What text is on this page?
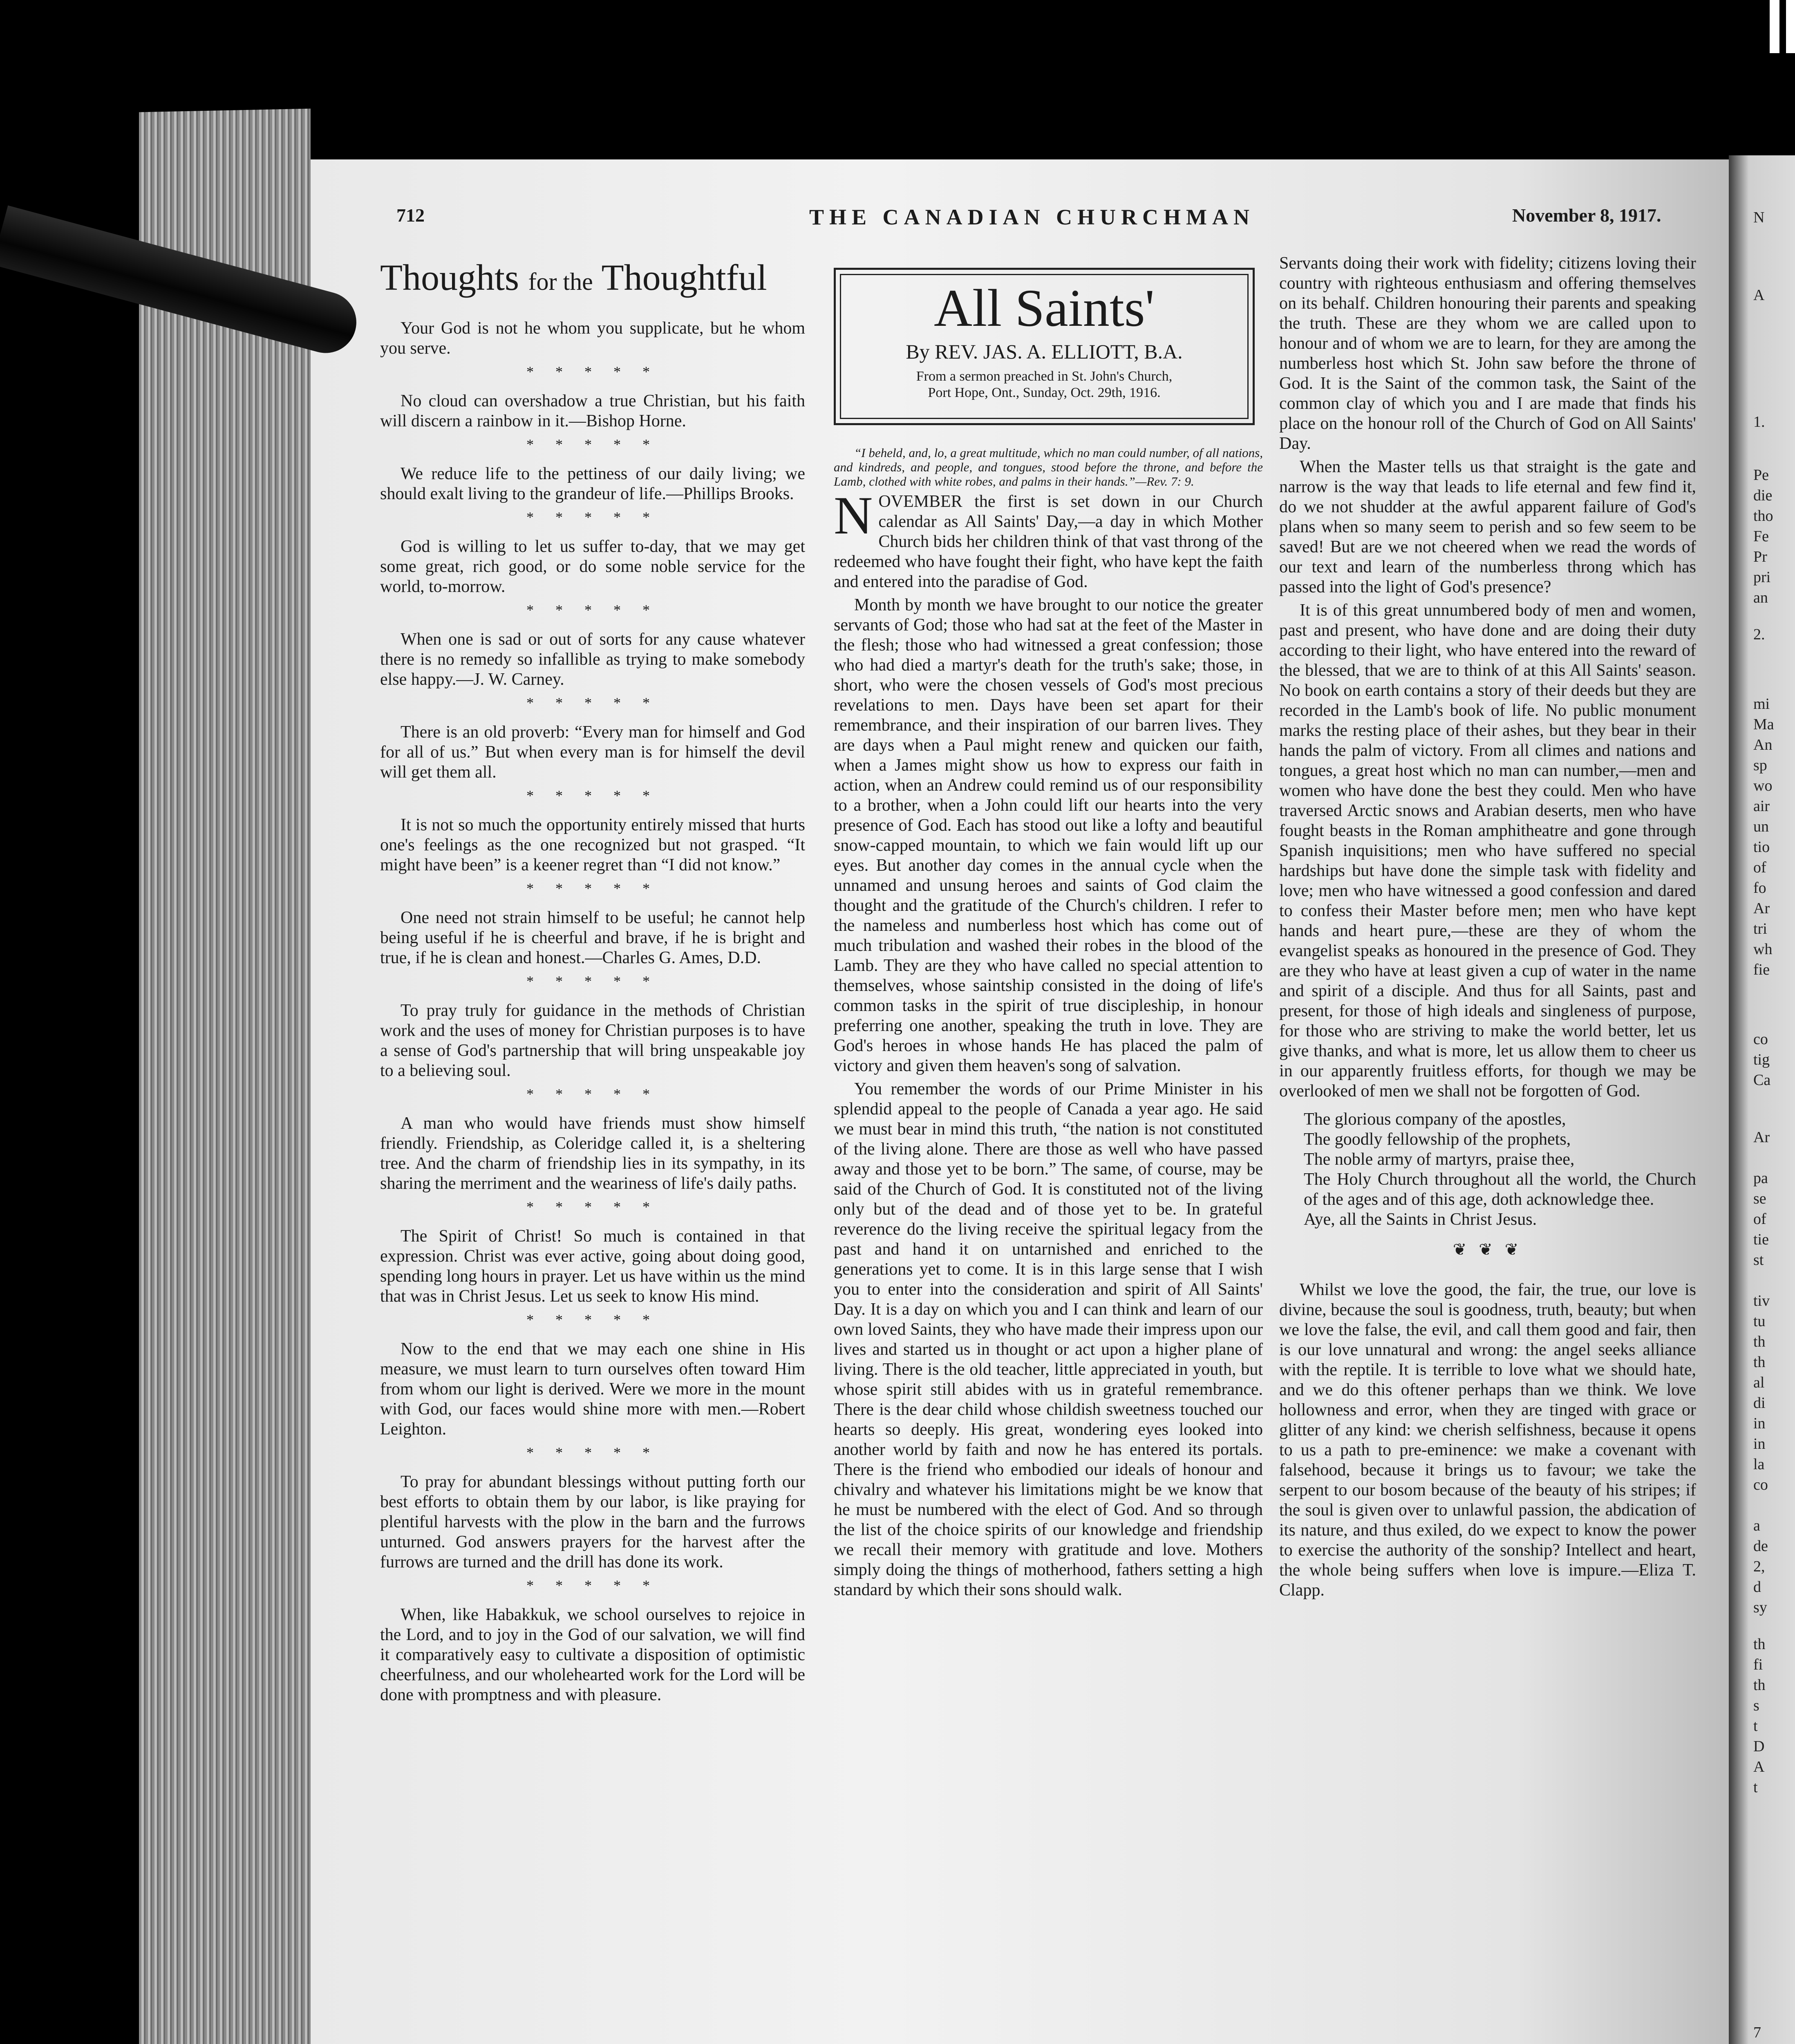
712	THE CANADIAN CHURCHMAN	November 8, 1917.
Thoughts for the Thoughtful

Your God is not he whom you supplicate, but he whom you serve.

* * * * *

No cloud can overshadow a true Christian, but his faith will discern a rainbow in it.—Bishop Horne.

* * * * *

We reduce life to the pettiness of our daily living; we should exalt living to the grandeur of life.—Phillips Brooks.

* * * * *

God is willing to let us suffer to-day, that we may get some great, rich good, or do some noble service for the world, to-morrow.

* * * * *

When one is sad or out of sorts for any cause whatever there is no remedy so infallible as trying to make somebody else happy.—J. W. Carney.

* * * * *

There is an old proverb: “Every man for himself and God for all of us.” But when every man is for himself the devil will get them all.

* * * * *

It is not so much the opportunity entirely missed that hurts one's feelings as the one recognized but not grasped. “It might have been” is a keener regret than “I did not know.”

* * * * *

One need not strain himself to be useful; he cannot help being useful if he is cheerful and brave, if he is bright and true, if he is clean and honest.—Charles G. Ames, D.D.

* * * * *

To pray truly for guidance in the methods of Christian work and the uses of money for Christian purposes is to have a sense of God's partnership that will bring unspeakable joy to a believing soul.

* * * * *

A man who would have friends must show himself friendly. Friendship, as Coleridge called it, is a sheltering tree. And the charm of friendship lies in its sympathy, in its sharing the merriment and the weariness of life's daily paths.

* * * * *

The Spirit of Christ! So much is contained in that expression. Christ was ever active, going about doing good, spending long hours in prayer. Let us have within us the mind that was in Christ Jesus. Let us seek to know His mind.

* * * * *

Now to the end that we may each one shine in His measure, we must learn to turn ourselves often toward Him from whom our light is derived. Were we more in the mount with God, our faces would shine more with men.—Robert Leighton.

* * * * *

To pray for abundant blessings without putting forth our best efforts to obtain them by our labor, is like praying for plentiful harvests with the plow in the barn and the furrows unturned. God answers prayers for the harvest after the furrows are turned and the drill has done its work.

* * * * *

When, like Habakkuk, we school ourselves to rejoice in the Lord, and to joy in the God of our salvation, we will find it comparatively easy to cultivate a disposition of optimistic cheerfulness, and our wholehearted work for the Lord will be done with promptness and with pleasure.

All Saints'
By REV. JAS. A. ELLIOTT, B.A.
From a sermon preached in St. John's Church,
Port Hope, Ont., Sunday, Oct. 29th, 1916.

“I beheld, and, lo, a great multitude, which no man could number, of all nations, and kindreds, and people, and tongues, stood before the throne, and before the Lamb, clothed with white robes, and palms in their hands.”—Rev. 7: 9.

NOVEMBER the first is set down in our Church calendar as All Saints' Day,—a day in which Mother Church bids her children think of that vast throng of the redeemed who have fought their fight, who have kept the faith and entered into the paradise of God.

Month by month we have brought to our notice the greater servants of God; those who had sat at the feet of the Master in the flesh; those who had witnessed a great confession; those who had died a martyr's death for the truth's sake; those, in short, who were the chosen vessels of God's most precious revelations to men. Days have been set apart for their remembrance, and their inspiration of our barren lives. They are days when a Paul might renew and quicken our faith, when a James might show us how to express our faith in action, when an Andrew could remind us of our responsibility to a brother, when a John could lift our hearts into the very presence of God. Each has stood out like a lofty and beautiful snow-capped mountain, to which we fain would lift up our eyes. But another day comes in the annual cycle when the unnamed and unsung heroes and saints of God claim the thought and the gratitude of the Church's children. I refer to the nameless and numberless host which has come out of much tribulation and washed their robes in the blood of the Lamb. They are they who have called no special attention to themselves, whose saintship consisted in the doing of life's common tasks in the spirit of true discipleship, in honour preferring one another, speaking the truth in love. They are God's heroes in whose hands He has placed the palm of victory and given them heaven's song of salvation.

You remember the words of our Prime Minister in his splendid appeal to the people of Canada a year ago. He said we must bear in mind this truth, “the nation is not constituted of the living alone. There are those as well who have passed away and those yet to be born.” The same, of course, may be said of the Church of God. It is constituted not of the living only but of the dead and of those yet to be. In grateful reverence do the living receive the spiritual legacy from the past and hand it on untarnished and enriched to the generations yet to come. It is in this large sense that I wish you to enter into the consideration and spirit of All Saints' Day. It is a day on which you and I can think and learn of our own loved Saints, they who have made their impress upon our lives and started us in thought or act upon a higher plane of living. There is the old teacher, little appreciated in youth, but whose spirit still abides with us in grateful remembrance. There is the dear child whose childish sweetness touched our hearts so deeply. His great, wondering eyes looked into another world by faith and now he has entered its portals. There is the friend who embodied our ideals of honour and chivalry and whatever his limitations might be we know that he must be numbered with the elect of God. And so through the list of the choice spirits of our knowledge and friendship we recall their memory with gratitude and love. Mothers simply doing the things of motherhood, fathers setting a high standard by which their sons should walk.

Servants doing their work with fidelity; citizens loving their country with righteous enthusiasm and offering themselves on its behalf. Children honouring their parents and speaking the truth. These are they whom we are called upon to honour and of whom we are to learn, for they are among the numberless host which St. John saw before the throne of God. It is the Saint of the common task, the Saint of the common clay of which you and I are made that finds his place on the honour roll of the Church of God on All Saints' Day.

When the Master tells us that straight is the gate and narrow is the way that leads to life eternal and few find it, do we not shudder at the awful apparent failure of God's plans when so many seem to perish and so few seem to be saved! But are we not cheered when we read the words of our text and learn of the numberless throng which has passed into the light of God's presence?

It is of this great unnumbered body of men and women, past and present, who have done and are doing their duty according to their light, who have entered into the reward of the blessed, that we are to think of at this All Saints' season. No book on earth contains a story of their deeds but they are recorded in the Lamb's book of life. No public monument marks the resting place of their ashes, but they bear in their hands the palm of victory. From all climes and nations and tongues, a great host which no man can number,—men and women who have done the best they could. Men who have traversed Arctic snows and Arabian deserts, men who have fought beasts in the Roman amphitheatre and gone through Spanish inquisitions; men who have suffered no special hardships but have done the simple task with fidelity and love; men who have witnessed a good confession and dared to confess their Master before men; men who have kept hands and heart pure,—these are they of whom the evangelist speaks as honoured in the presence of God. They are they who have at least given a cup of water in the name and spirit of a disciple. And thus for all Saints, past and present, for those of high ideals and singleness of purpose, for those who are striving to make the world better, let us give thanks, and what is more, let us allow them to cheer us in our apparently fruitless efforts, for though we may be overlooked of men we shall not be forgotten of God.

The glorious company of the apostles,
The goodly fellowship of the prophets,
The noble army of martyrs, praise thee,
The Holy Church throughout all the world, the Church of the ages and of this age, doth acknowledge thee.
Aye, all the Saints in Christ Jesus.
❦ ❦ ❦

Whilst we love the good, the fair, the true, our love is divine, because the soul is goodness, truth, beauty; but when we love the false, the evil, and call them good and fair, then is our love unnatural and wrong: the angel seeks alliance with the reptile. It is terrible to love what we should hate, and we do this oftener perhaps than we think. We love hollowness and error, when they are tinged with grace or glitter of any kind: we cherish selfishness, because it opens to us a path to pre-eminence: we make a covenant with falsehood, because it brings us to favour; we take the serpent to our bosom because of the beauty of his stripes; if the soul is given over to unlawful passion, the abdication of its nature, and thus exiled, do we expect to know the power to exercise the authority of the sonship? Intellect and heart, the whole being suffers when love is impure.—Eliza T. Clapp.

N
A
1.
Pe
die
tho
Fe
Pr
pri
an
2.
mi
Ma
An
sp
wo
air
un
tio
of
fo
Ar
tri
wh
fie
co
tig
Ca
Ar
pa
se
of
tie
st
tiv
tu
th
th
al
di
in
in
la
co
a
de
2,
d
sy
th
fi
th
s
t
D
A
t
7
